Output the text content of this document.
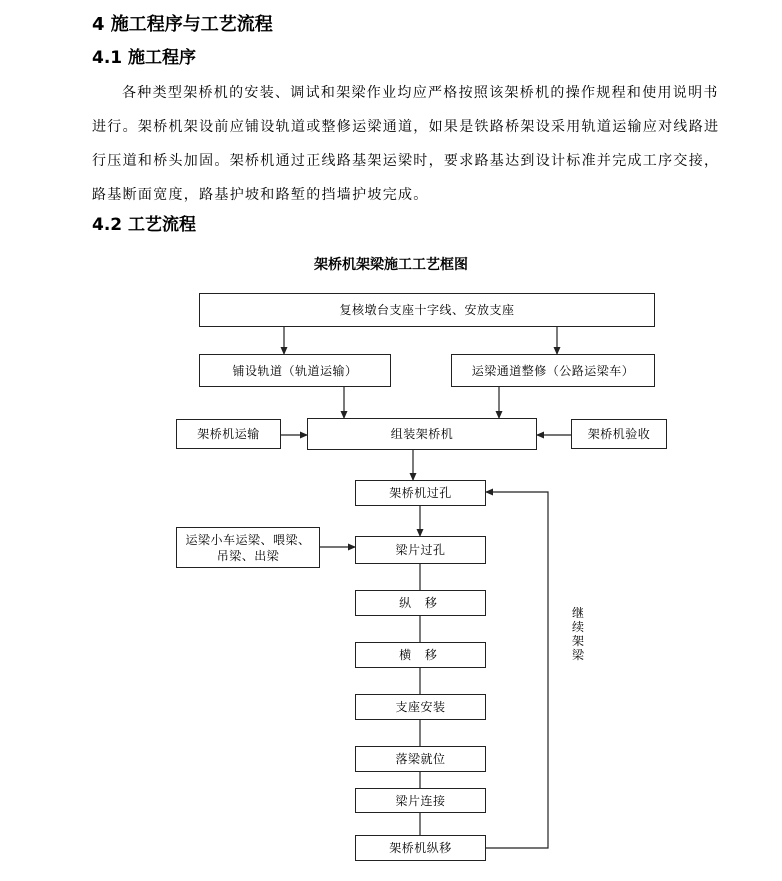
4 施工程序与工艺流程
4.1 施工程序

各种类型架桥机的安装、调试和架梁作业均应严格按照该架桥机的操作规程和使用说明书进行。架桥机架设前应铺设轨道或整修运梁通道，如果是铁路桥架设采用轨道运输应对线路进行压道和桥头加固。架桥机通过正线路基架运梁时，要求路基达到设计标准并完成工序交接，路基断面宽度，路基护坡和路堑的挡墙护坡完成。

4.2 工艺流程
架桥机架梁施工工艺框图
复核墩台支座十字线、安放支座
铺设轨道（轨道运输）	运梁通道整修（公路运梁车）
架桥机运输	组装架桥机	架桥机验收
架桥机过孔
运梁小车运梁、喂梁、吊梁、出梁	梁片过孔
纵 移
横 移
支座安装
落梁就位
梁片连接
架桥机纵移
继续架梁
